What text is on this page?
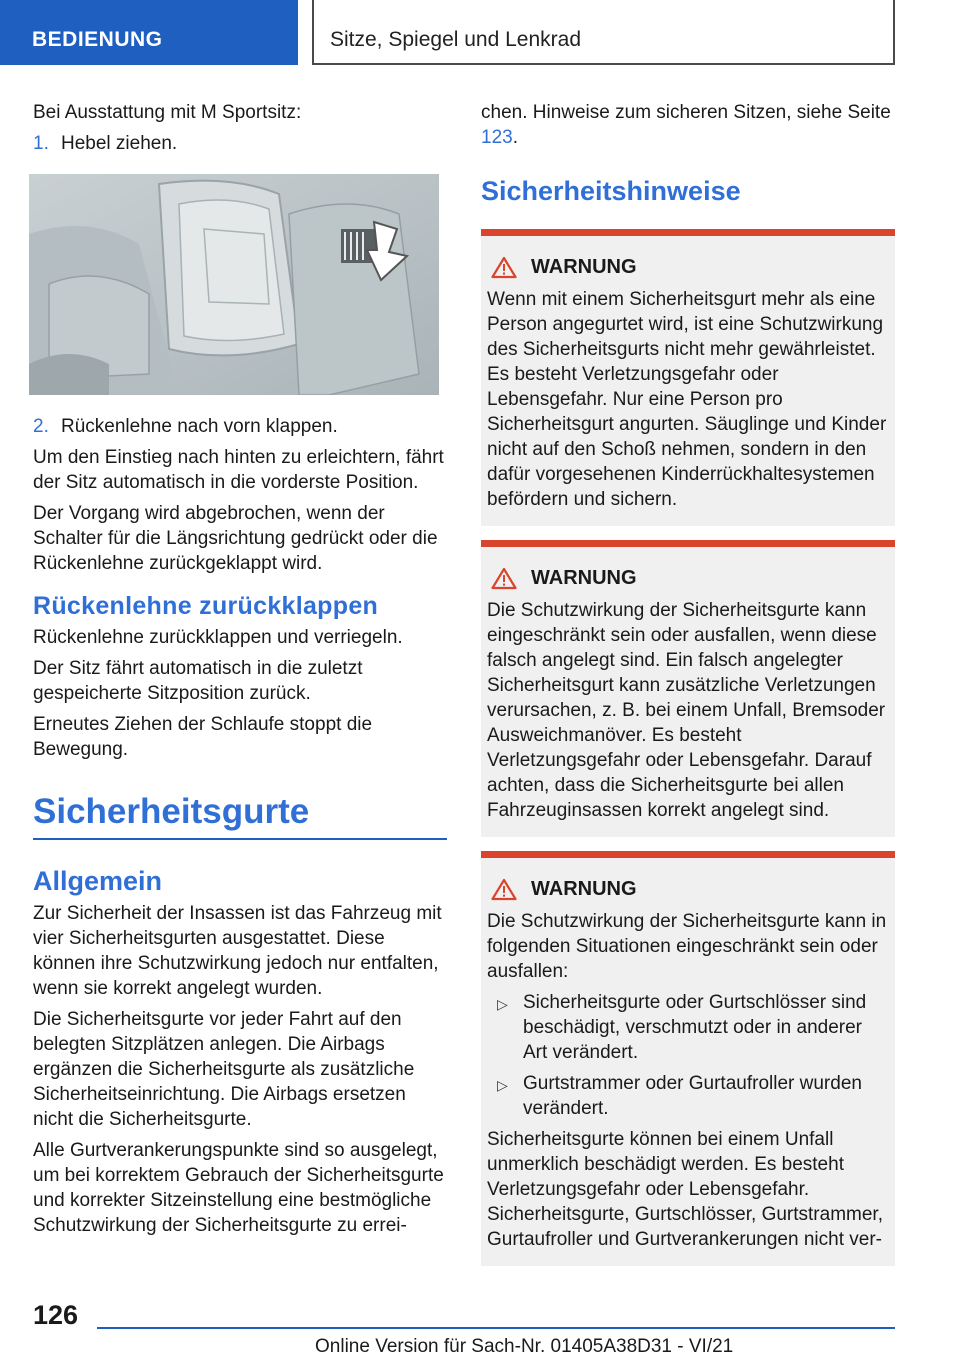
BEDIENUNG	Sitze, Spiegel und Lenkrad

Bei Ausstattung mit M Sportsitz:

1. Hebel ziehen.
2. Rückenlehne nach vorn klappen.

Um den Einstieg nach hinten zu erleichtern, fährt der Sitz automatisch in die vorderste Position.

Der Vorgang wird abgebrochen, wenn der Schalter für die Längsrichtung gedrückt oder die Rückenlehne zurückgeklappt wird.

Rückenlehne zurückklappen

Rückenlehne zurückklappen und verriegeln.

Der Sitz fährt automatisch in die zuletzt gespeicherte Sitzposition zurück.

Erneutes Ziehen der Schlaufe stoppt die Bewegung.

Sicherheitsgurte
Allgemein

Zur Sicherheit der Insassen ist das Fahrzeug mit vier Sicherheitsgurten ausgestattet. Diese können ihre Schutzwirkung jedoch nur entfalten, wenn sie korrekt angelegt wurden.

Die Sicherheitsgurte vor jeder Fahrt auf den belegten Sitzplätzen anlegen. Die Airbags ergänzen die Sicherheitsgurte als zusätzliche Sicherheitseinrichtung. Die Airbags ersetzen nicht die Sicherheitsgurte.

Alle Gurtverankerungspunkte sind so ausgelegt, um bei korrektem Gebrauch der Sicherheitsgurte und korrekter Sitzeinstellung eine bestmögliche Schutzwirkung der Sicherheitsgurte zu errei-

chen. Hinweise zum sicheren Sitzen, siehe Seite 123.

Sicherheitshinweise
WARNUNG

Wenn mit einem Sicherheitsgurt mehr als eine Person angegurtet wird, ist eine Schutzwirkung des Sicherheitsgurts nicht mehr gewährleistet. Es besteht Verletzungsgefahr oder Lebensgefahr. Nur eine Person pro Sicherheitsgurt angurten. Säuglinge und Kinder nicht auf den Schoß nehmen, sondern in den dafür vorgesehenen Kinderrückhaltesystemen befördern und sichern.

WARNUNG

Die Schutzwirkung der Sicherheitsgurte kann eingeschränkt sein oder ausfallen, wenn diese falsch angelegt sind. Ein falsch angelegter Sicherheitsgurt kann zusätzliche Verletzungen verursachen, z. B. bei einem Unfall, Bremsoder Ausweichmanöver. Es besteht Verletzungsgefahr oder Lebensgefahr. Darauf achten, dass die Sicherheitsgurte bei allen Fahrzeuginsassen korrekt angelegt sind.

WARNUNG

Die Schutzwirkung der Sicherheitsgurte kann in folgenden Situationen eingeschränkt sein oder ausfallen:

▷ Sicherheitsgurte oder Gurtschlösser sind beschädigt, verschmutzt oder in anderer Art verändert.
▷ Gurtstrammer oder Gurtaufroller wurden verändert.

Sicherheitsgurte können bei einem Unfall unmerklich beschädigt werden. Es besteht Verletzungsgefahr oder Lebensgefahr. Sicherheitsgurte, Gurtschlösser, Gurtstrammer, Gurtaufroller und Gurtverankerungen nicht ver-

126
Online Version für Sach-Nr. 01405A38D31 - VI/21
